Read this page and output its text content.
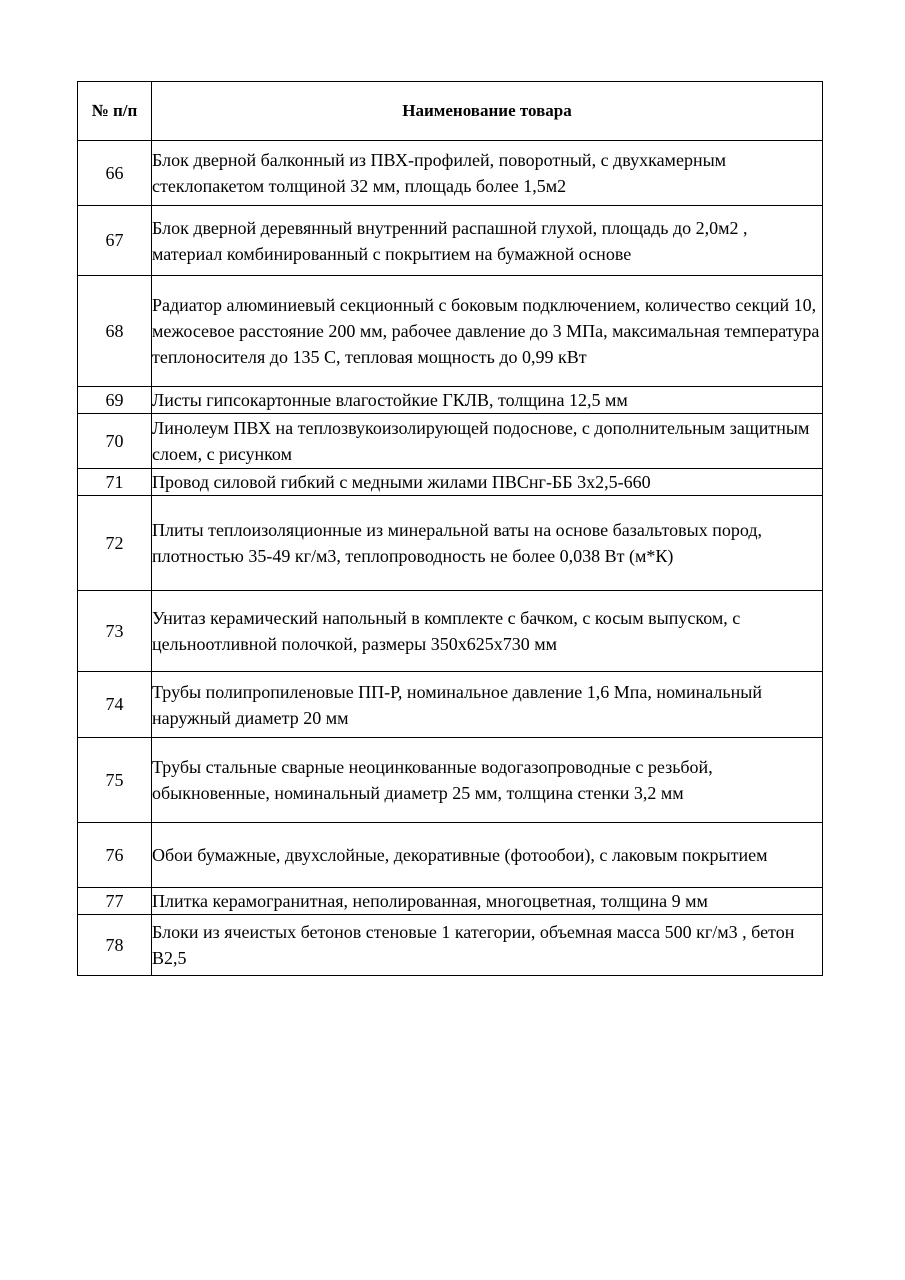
№ п/п	Наименование товара
66	Блок дверной балконный из ПВХ-профилей, поворотный, с двухкамерным стеклопакетом толщиной 32 мм, площадь более 1,5м2
67	Блок дверной деревянный внутренний распашной глухой, площадь до 2,0м2 , материал комбинированный с покрытием на бумажной основе
68	Радиатор алюминиевый секционный с боковым подключением, количество секций 10, межосевое расстояние 200 мм, рабочее давление до 3 МПа, максимальная температура теплоносителя до 135 С, тепловая мощность до 0,99 кВт
69	Листы гипсокартонные влагостойкие ГКЛВ, толщина 12,5 мм
70	Линолеум ПВХ на теплозвукоизолирующей подоснове, с дополнительным защитным слоем, с рисунком
71	Провод силовой гибкий с медными жилами ПВСнг-ББ 3х2,5-660
72	Плиты теплоизоляционные из минеральной ваты на основе базальтовых пород, плотностью 35-49 кг/м3, теплопроводность не более 0,038 Вт (м*К)
73	Унитаз керамический напольный в комплекте с бачком, с косым выпуском, с цельноотливной полочкой, размеры 350х625х730 мм
74	Трубы полипропиленовые ПП-Р, номинальное давление 1,6 Мпа, номинальный наружный диаметр 20 мм
75	Трубы стальные сварные неоцинкованные водогазопроводные с резьбой, обыкновенные, номинальный диаметр 25 мм, толщина стенки 3,2 мм
76	Обои бумажные, двухслойные, декоративные (фотообои), с лаковым покрытием
77	Плитка керамогранитная, неполированная, многоцветная, толщина 9 мм
78	Блоки из ячеистых бетонов стеновые 1 категории, объемная масса 500 кг/м3 , бетон В2,5
